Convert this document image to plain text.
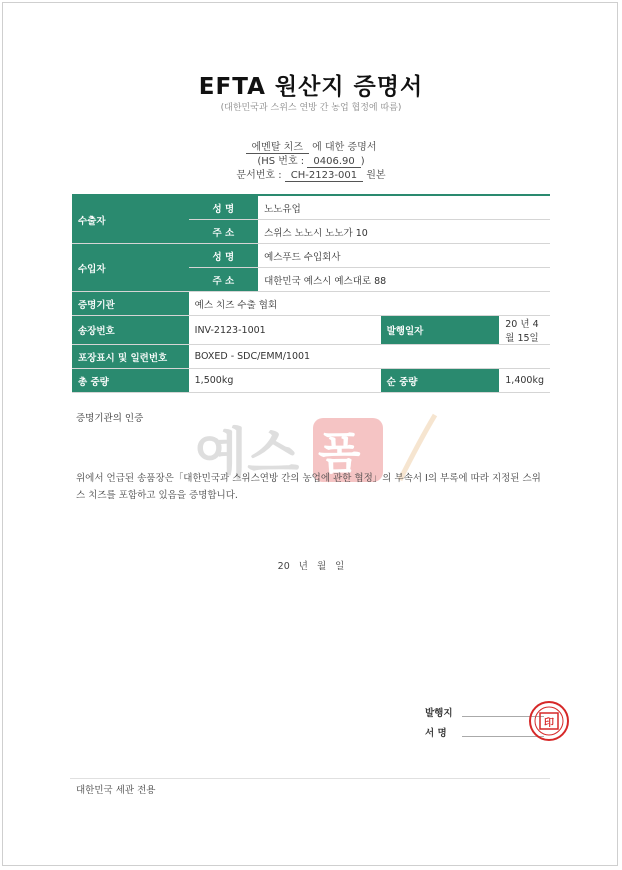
EFTA 원산지 증명서
(대한민국과 스위스 연방 간 농업 협정에 따름)
에멘탈 치즈 에 대한 증명서
(HS 번호 : 0406.90 )
문서번호 : CH-2123-001 원본
수출자	성 명	노노유업		
	주 소	스위스 노노시 노노가 10		
수입자	성 명	예스푸드 수입회사		
	주 소	대한민국 예스시 예스대로 88		
증명기관	예스 치즈 수출 협회			
송장번호	INV-2123-1001		발행일자	20 년 4월 15일
포장표시 및 일련번호	BOXED - SDC/EMM/1001			
총 중량	1,500kg		순 중량	1,400kg
증명기관의 인증
예스 폼
위에서 언급된 송품장은「대한민국과 스위스연방 간의 농업에 관한 협정」의 부속서 I의 부록에 따라 지정된 스위스 치즈를 포함하고 있음을 증명합니다.
20 년 월 일
발행지
서 명
印
대한민국 세관 전용
